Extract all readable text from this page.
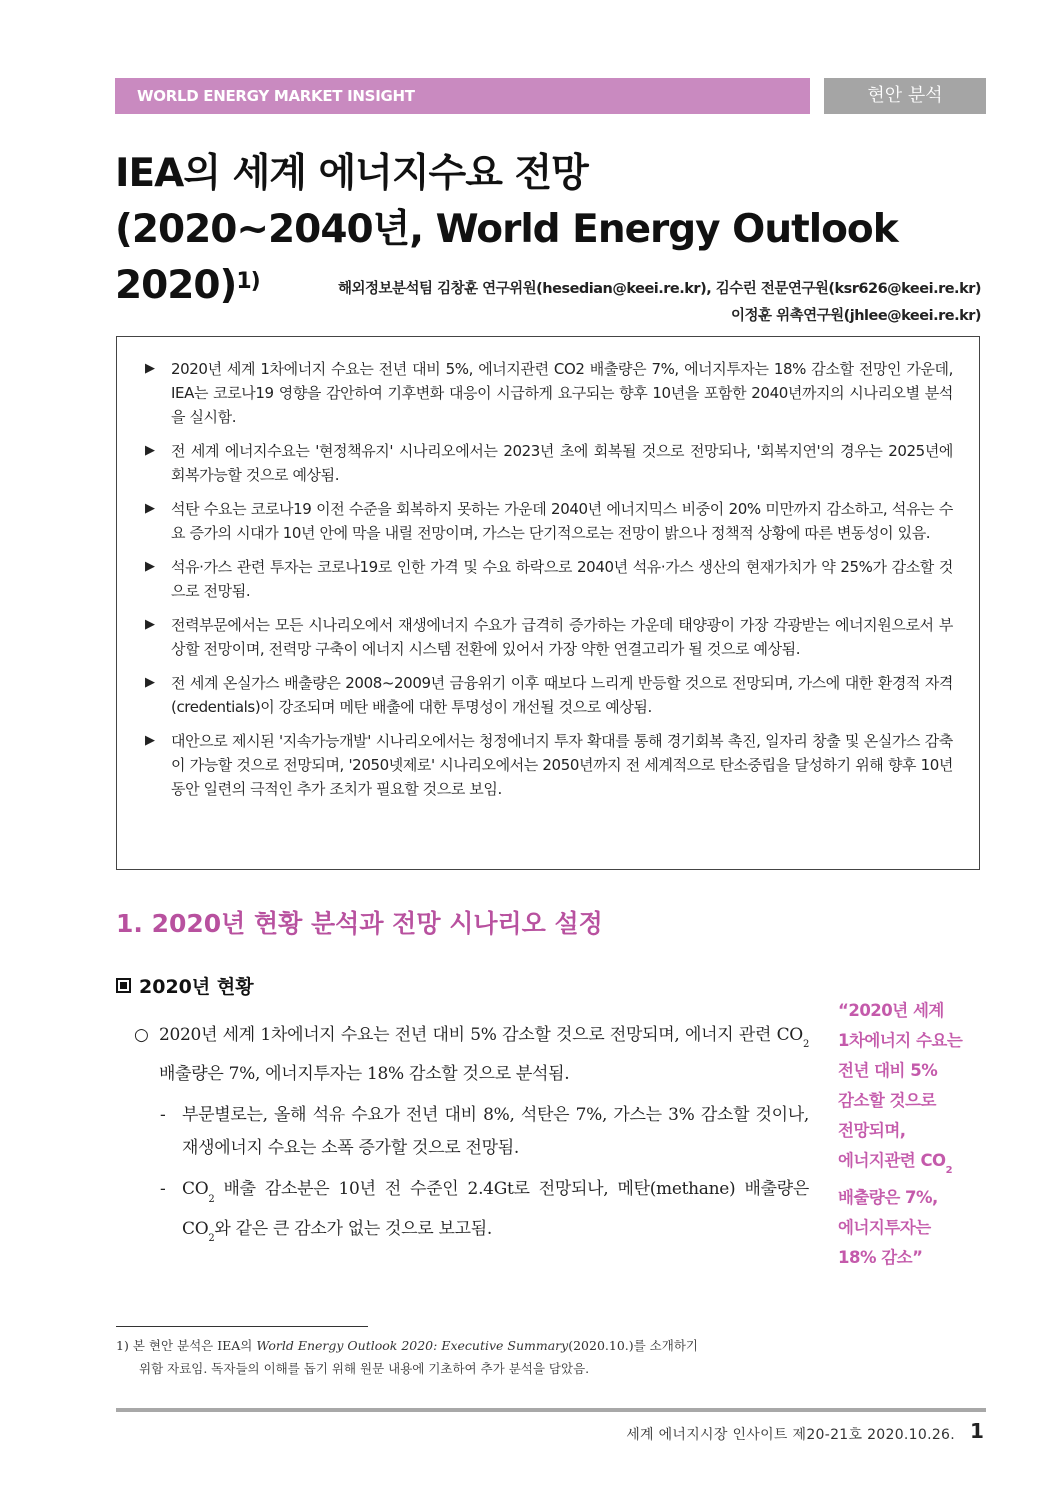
WORLD ENERGY MARKET INSIGHT	현안 분석
IEA의 세계 에너지수요 전망
(2020~2040년, World Energy Outlook 2020)$^{1)}$	해외정보분석팀 김창훈 연구위원(hesedian@keei.re.kr), 김수린 전문연구원(ksr626@keei.re.kr)
이정훈 위촉연구원(jhlee@keei.re.kr)
▶ 2020년 세계 1차에너지 수요는 전년 대비 5%, 에너지관련 CO2 배출량은 7%, 에너지투자는 18% 감소할 전망인 가운데, IEA는 코로나19 영향을 감안하여 기후변화 대응이 시급하게 요구되는 향후 10년을 포함한 2040년까지의 시나리오별 분석을 실시함.
▶ 전 세계 에너지수요는 '현정책유지' 시나리오에서는 2023년 초에 회복될 것으로 전망되나, '회복지연'의 경우는 2025년에 회복가능할 것으로 예상됨.
▶ 석탄 수요는 코로나19 이전 수준을 회복하지 못하는 가운데 2040년 에너지믹스 비중이 20% 미만까지 감소하고, 석유는 수요 증가의 시대가 10년 안에 막을 내릴 전망이며, 가스는 단기적으로는 전망이 밝으나 정책적 상황에 따른 변동성이 있음.
▶ 석유·가스 관련 투자는 코로나19로 인한 가격 및 수요 하락으로 2040년 석유·가스 생산의 현재가치가 약 25%가 감소할 것으로 전망됨.
▶ 전력부문에서는 모든 시나리오에서 재생에너지 수요가 급격히 증가하는 가운데 태양광이 가장 각광받는 에너지원으로서 부상할 전망이며, 전력망 구축이 에너지 시스템 전환에 있어서 가장 약한 연결고리가 될 것으로 예상됨.
▶ 전 세계 온실가스 배출량은 2008~2009년 금융위기 이후 때보다 느리게 반등할 것으로 전망되며, 가스에 대한 환경적 자격(credentials)이 강조되며 메탄 배출에 대한 투명성이 개선될 것으로 예상됨.
▶ 대안으로 제시된 '지속가능개발' 시나리오에서는 청정에너지 투자 확대를 통해 경기회복 촉진, 일자리 창출 및 온실가스 감축이 가능할 것으로 전망되며, '2050넷제로' 시나리오에서는 2050년까지 전 세계적으로 탄소중립을 달성하기 위해 향후 10년 동안 일련의 극적인 추가 조치가 필요할 것으로 보임.
1. 2020년 현황 분석과 전망 시나리오 설정
2020년 현황
○ 2020년 세계 1차에너지 수요는 전년 대비 5% 감소할 것으로 전망되며, 에너지 관련 $CO_2$ 배출량은 7%, 에너지투자는 18% 감소할 것으로 분석됨.
- 부문별로는, 올해 석유 수요가 전년 대비 8%, 석탄은 7%, 가스는 3% 감소할 것이나, 재생에너지 수요는 소폭 증가할 것으로 전망됨.
- $CO_2$ 배출 감소분은 10년 전 수준인 2.4Gt로 전망되나, 메탄(methane) 배출량은 $CO_2$와 같은 큰 감소가 없는 것으로 보고됨.
“2020년 세계
1차에너지 수요는
전년 대비 5%
감소할 것으로
전망되며,
에너지관련 $CO_2$
배출량은 7%,
에너지투자는
18% 감소”
1) 본 현안 분석은 IEA의 World Energy Outlook 2020: Executive Summary(2020.10.)를 소개하기
위함 자료임. 독자들의 이해를 돕기 위해 원문 내용에 기초하여 추가 분석을 담았음.
세계 에너지시장 인사이트 제20-21호 2020.10.26. 1
